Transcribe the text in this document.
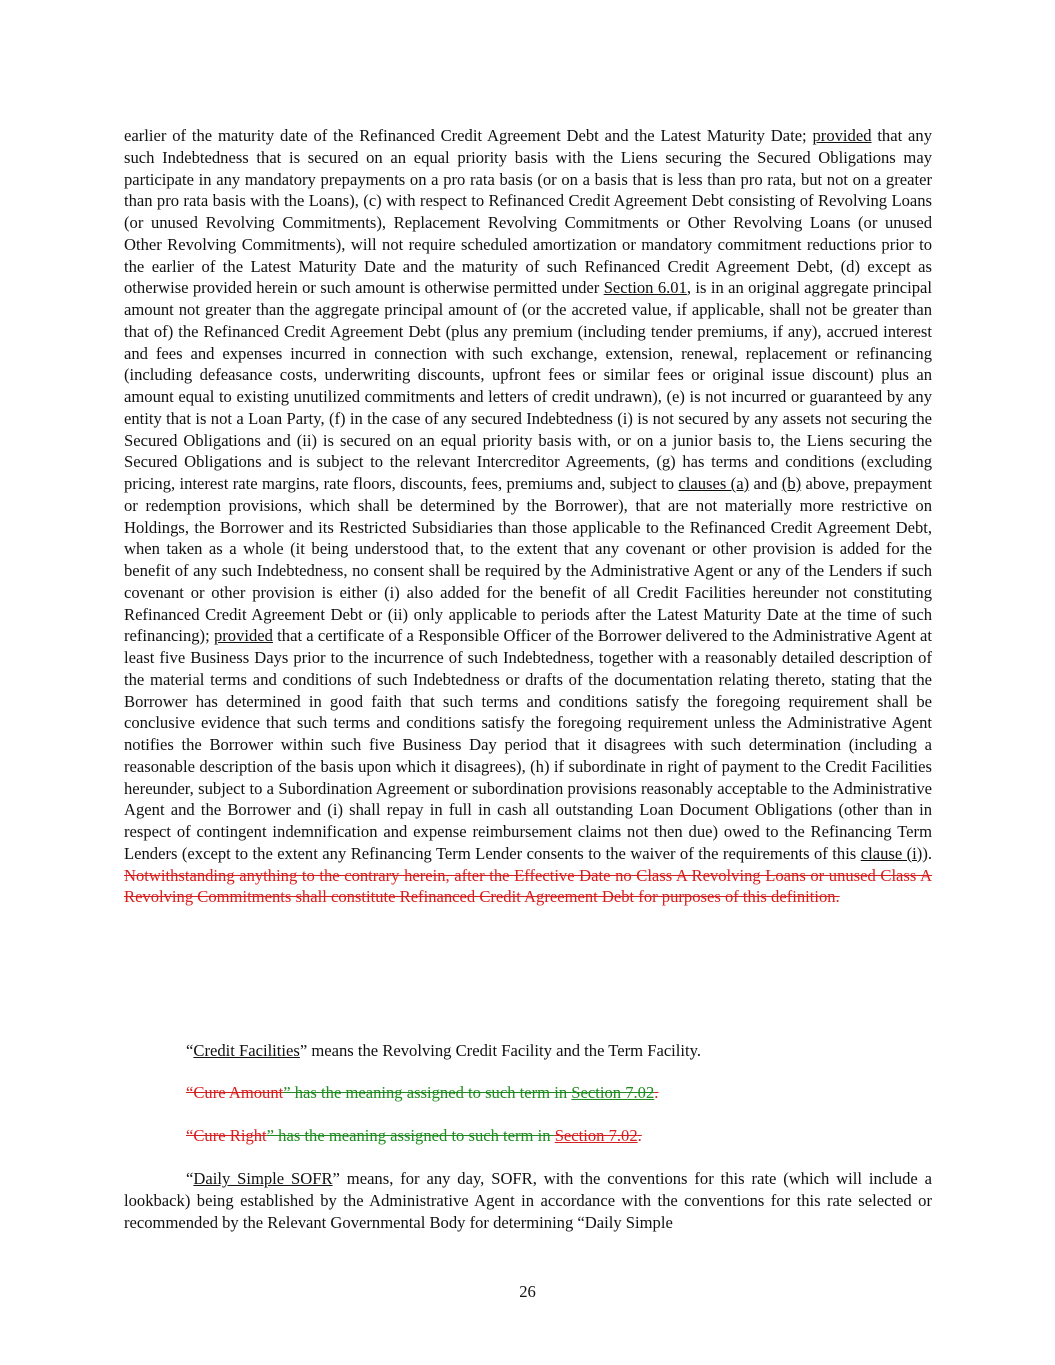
earlier of the maturity date of the Refinanced Credit Agreement Debt and the Latest Maturity Date; provided that any such Indebtedness that is secured on an equal priority basis with the Liens securing the Secured Obligations may participate in any mandatory prepayments on a pro rata basis (or on a basis that is less than pro rata, but not on a greater than pro rata basis with the Loans), (c) with respect to Refinanced Credit Agreement Debt consisting of Revolving Loans (or unused Revolving Commitments), Replacement Revolving Commitments or Other Revolving Loans (or unused Other Revolving Commitments), will not require scheduled amortization or mandatory commitment reductions prior to the earlier of the Latest Maturity Date and the maturity of such Refinanced Credit Agreement Debt, (d) except as otherwise provided herein or such amount is otherwise permitted under Section 6.01, is in an original aggregate principal amount not greater than the aggregate principal amount of (or the accreted value, if applicable, shall not be greater than that of) the Refinanced Credit Agreement Debt (plus any premium (including tender premiums, if any), accrued interest and fees and expenses incurred in connection with such exchange, extension, renewal, replacement or refinancing (including defeasance costs, underwriting discounts, upfront fees or similar fees or original issue discount) plus an amount equal to existing unutilized commitments and letters of credit undrawn), (e) is not incurred or guaranteed by any entity that is not a Loan Party, (f) in the case of any secured Indebtedness (i) is not secured by any assets not securing the Secured Obligations and (ii) is secured on an equal priority basis with, or on a junior basis to, the Liens securing the Secured Obligations and is subject to the relevant Intercreditor Agreements, (g) has terms and conditions (excluding pricing, interest rate margins, rate floors, discounts, fees, premiums and, subject to clauses (a) and (b) above, prepayment or redemption provisions, which shall be determined by the Borrower), that are not materially more restrictive on Holdings, the Borrower and its Restricted Subsidiaries than those applicable to the Refinanced Credit Agreement Debt, when taken as a whole (it being understood that, to the extent that any covenant or other provision is added for the benefit of any such Indebtedness, no consent shall be required by the Administrative Agent or any of the Lenders if such covenant or other provision is either (i) also added for the benefit of all Credit Facilities hereunder not constituting Refinanced Credit Agreement Debt or (ii) only applicable to periods after the Latest Maturity Date at the time of such refinancing); provided that a certificate of a Responsible Officer of the Borrower delivered to the Administrative Agent at least five Business Days prior to the incurrence of such Indebtedness, together with a reasonably detailed description of the material terms and conditions of such Indebtedness or drafts of the documentation relating thereto, stating that the Borrower has determined in good faith that such terms and conditions satisfy the foregoing requirement shall be conclusive evidence that such terms and conditions satisfy the foregoing requirement unless the Administrative Agent notifies the Borrower within such five Business Day period that it disagrees with such determination (including a reasonable description of the basis upon which it disagrees), (h) if subordinate in right of payment to the Credit Facilities hereunder, subject to a Subordination Agreement or subordination provisions reasonably acceptable to the Administrative Agent and the Borrower and (i) shall repay in full in cash all outstanding Loan Document Obligations (other than in respect of contingent indemnification and expense reimbursement claims not then due) owed to the Refinancing Term Lenders (except to the extent any Refinancing Term Lender consents to the waiver of the requirements of this clause (i)). Notwithstanding anything to the contrary herein, after the Effective Date no Class A Revolving Loans or unused Class A Revolving Commitments shall constitute Refinanced Credit Agreement Debt for purposes of this definition.

“Credit Facilities” means the Revolving Credit Facility and the Term Facility.

“Cure Amount” has the meaning assigned to such term in Section 7.02.

“Cure Right” has the meaning assigned to such term in Section 7.02.

“Daily Simple SOFR” means, for any day, SOFR, with the conventions for this rate (which will include a lookback) being established by the Administrative Agent in accordance with the conventions for this rate selected or recommended by the Relevant Governmental Body for determining “Daily Simple

26
